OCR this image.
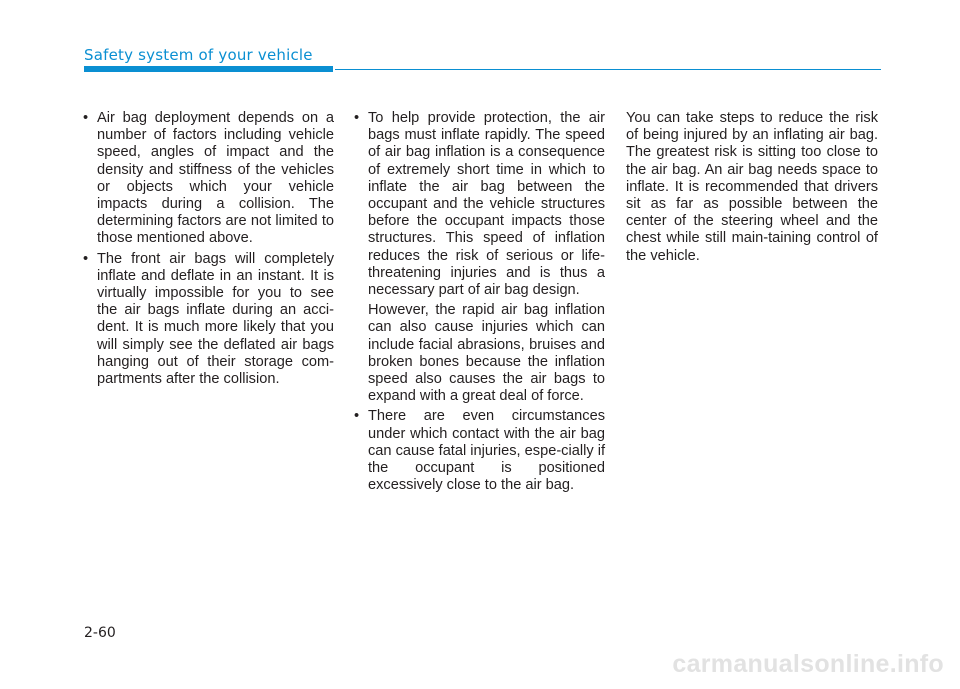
Safety system of your vehicle

• Air bag deployment depends on a number of factors including vehicle speed, angles of impact and the density and stiffness of the vehicles or objects which your vehicle impacts during a collision. The determining factors are not limited to those mentioned above.

• The front air bags will completely inflate and deflate in an instant. It is virtually impossible for you to see the air bags inflate during an acci-dent. It is much more likely that you will simply see the deflated air bags hanging out of their storage com-partments after the collision.

• To help provide protection, the air bags must inflate rapidly. The speed of air bag inflation is a consequence of extremely short time in which to inflate the air bag between the occupant and the vehicle structures before the occupant impacts those structures. This speed of inflation reduces the risk of serious or life-threatening injuries and is thus a necessary part of air bag design.

However, the rapid air bag inflation can also cause injuries which can include facial abrasions, bruises and broken bones because the inflation speed also causes the air bags to expand with a great deal of force.

• There are even circumstances under which contact with the air bag can cause fatal injuries, espe-cially if the occupant is positioned excessively close to the air bag.

You can take steps to reduce the risk of being injured by an inflating air bag. The greatest risk is sitting too close to the air bag. An air bag needs space to inflate. It is recommended that drivers sit as far as possible between the center of the steering wheel and the chest while still main-taining control of the vehicle.

2-60
carmanualsonline.info
